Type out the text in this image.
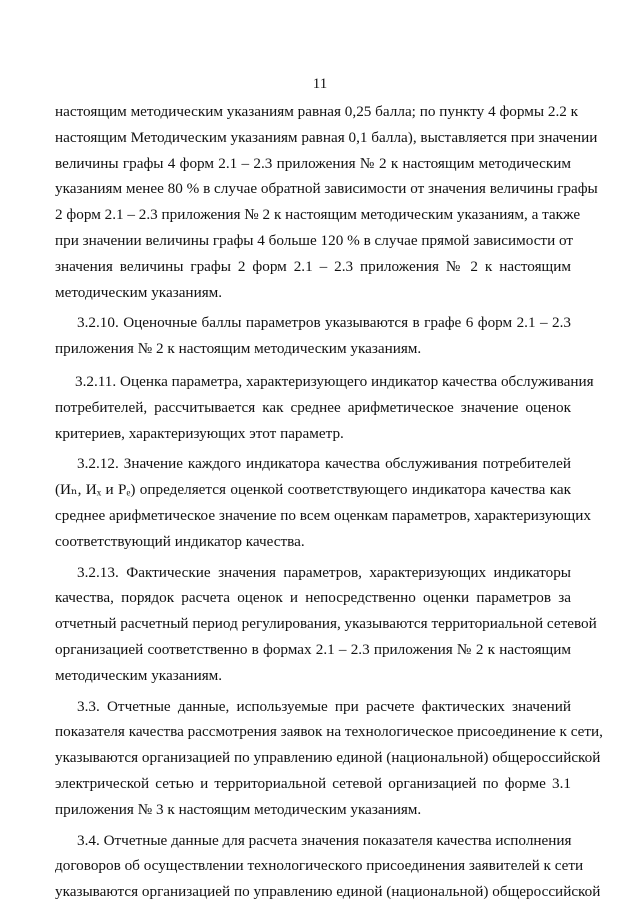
11
настоящим методическим указаниям равная 0,25 балла; по пункту 4 формы 2.2 к
настоящим Методическим указаниям равная 0,1 балла), выставляется при значении
величины графы 4 форм 2.1 – 2.3 приложения № 2 к настоящим методическим
указаниям менее 80 % в случае обратной зависимости от значения величины графы
2 форм 2.1 – 2.3 приложения № 2 к настоящим методическим указаниям, а также
при значении величины графы 4 больше 120 % в случае прямой зависимости от
значения величины графы 2 форм 2.1 – 2.3 приложения № 2 к настоящим
методическим указаниям.
3.2.10. Оценочные баллы параметров указываются в графе 6 форм 2.1 – 2.3
приложения № 2 к настоящим методическим указаниям.
3.2.11. Оценка параметра, характеризующего индикатор качества обслуживания
потребителей, рассчитывается как среднее арифметическое значение оценок
критериев, характеризующих этот параметр.
3.2.12. Значение каждого индикатора качества обслуживания потребителей
(Иₙ, Иₓ и Рₑ) определяется оценкой соответствующего индикатора качества как
среднее арифметическое значение по всем оценкам параметров, характеризующих
соответствующий индикатор качества.
3.2.13. Фактические значения параметров, характеризующих индикаторы
качества, порядок расчета оценок и непосредственно оценки параметров за
отчетный расчетный период регулирования, указываются территориальной сетевой
организацией соответственно в формах 2.1 – 2.3 приложения № 2 к настоящим
методическим указаниям.
3.3. Отчетные данные, используемые при расчете фактических значений
показателя качества рассмотрения заявок на технологическое присоединение к сети,
указываются организацией по управлению единой (национальной) общероссийской
электрической сетью и территориальной сетевой организацией по форме 3.1
приложения № 3 к настоящим методическим указаниям.
3.4. Отчетные данные для расчета значения показателя качества исполнения
договоров об осуществлении технологического присоединения заявителей к сети
указываются организацией по управлению единой (национальной) общероссийской
